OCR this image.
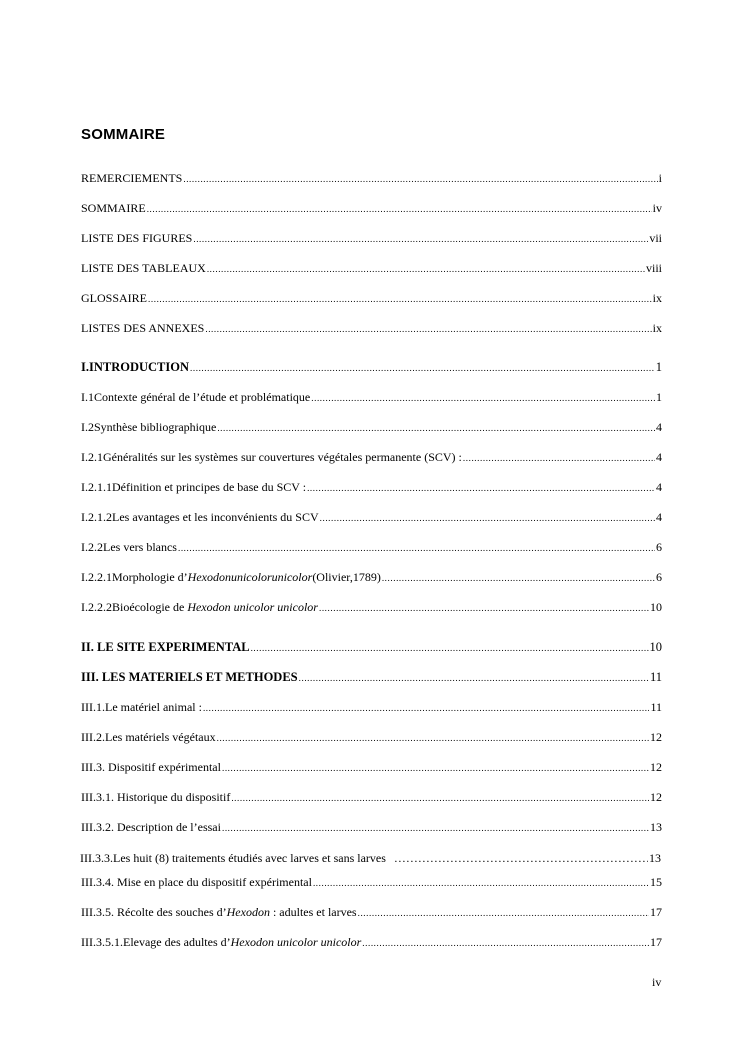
SOMMAIRE
REMERCIEMENTS .....	i
SOMMAIRE .....	iv
LISTE DES FIGURES .....	vii
LISTE DES TABLEAUX .....	viii
GLOSSAIRE .....	ix
LISTES DES ANNEXES .....	ix
I.INTRODUCTION .....	1
I.1Contexte général de l’étude et problématique .....	1
I.2Synthèse bibliographique .....	4
I.2.1Généralités sur les systèmes sur couvertures végétales permanente (SCV) : .....	4
I.2.1.1Définition et principes de base du SCV : .....	4
I.2.1.2Les avantages et les inconvénients du SCV .....	4
I.2.2Les vers blancs .....	6
I.2.2.1Morphologie d’Hexodonunicolorunicolor(Olivier,1789) .....	6
I.2.2.2Bioécologie de Hexodon unicolor unicolor .....	10
II. LE SITE EXPERIMENTAL .....	10
III. LES MATERIELS ET METHODES .....	11
III.1.Le matériel animal : .....	11
III.2.Les matériels végétaux .....	12
III.3. Dispositif expérimental .....	12
III.3.1. Historique du dispositif .....	12
III.3.2. Description de l’essai .....	13
III.3.3.Les huit (8) traitements étudiés avec larves et sans larves ……………………………………………………………………………………………	13
III.3.4. Mise en place du dispositif expérimental .....	15
III.3.5. Récolte des souches d’Hexodon : adultes et larves .....	17
III.3.5.1.Elevage des adultes d’Hexodon unicolor unicolor .....	17
iv
